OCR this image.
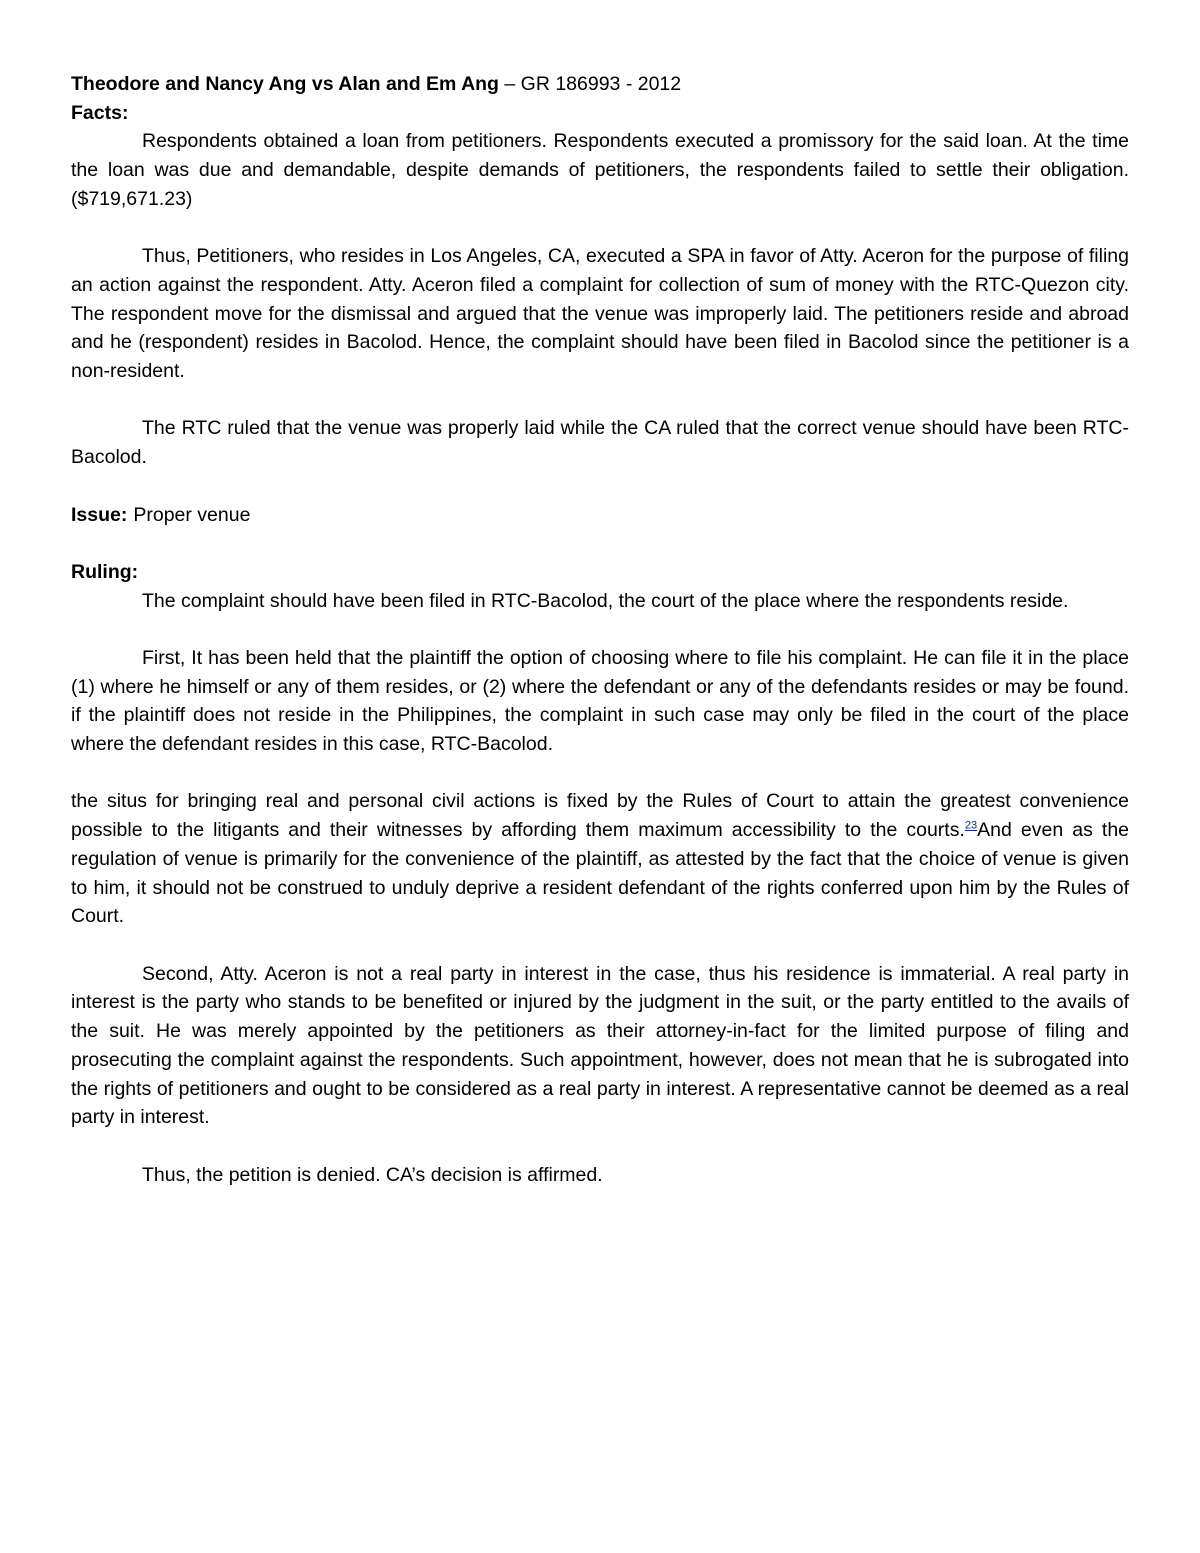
Theodore and Nancy Ang vs Alan and Em Ang – GR 186993 - 2012

Facts:

Respondents obtained a loan from petitioners. Respondents executed a promissory for the said loan. At the time the loan was due and demandable, despite demands of petitioners, the respondents failed to settle their obligation. ($719,671.23)

Thus, Petitioners, who resides in Los Angeles, CA, executed a SPA in favor of Atty. Aceron for the purpose of filing an action against the respondent. Atty. Aceron filed a complaint for collection of sum of money with the RTC-Quezon city. The respondent move for the dismissal and argued that the venue was improperly laid. The petitioners reside and abroad and he (respondent) resides in Bacolod. Hence, the complaint should have been filed in Bacolod since the petitioner is a non-resident.

The RTC ruled that the venue was properly laid while the CA ruled that the correct venue should have been RTC-Bacolod.

Issue: Proper venue

Ruling:

The complaint should have been filed in RTC-Bacolod, the court of the place where the respondents reside.

First, It has been held that the plaintiff the option of choosing where to file his complaint. He can file it in the place (1) where he himself or any of them resides, or (2) where the defendant or any of the defendants resides or may be found. if the plaintiff does not reside in the Philippines, the complaint in such case may only be filed in the court of the place where the defendant resides in this case, RTC-Bacolod.

the situs for bringing real and personal civil actions is fixed by the Rules of Court to attain the greatest convenience possible to the litigants and their witnesses by affording them maximum accessibility to the courts.$^{23}$And even as the regulation of venue is primarily for the convenience of the plaintiff, as attested by the fact that the choice of venue is given to him, it should not be construed to unduly deprive a resident defendant of the rights conferred upon him by the Rules of Court.

Second, Atty. Aceron is not a real party in interest in the case, thus his residence is immaterial. A real party in interest is the party who stands to be benefited or injured by the judgment in the suit, or the party entitled to the avails of the suit. He was merely appointed by the petitioners as their attorney-in-fact for the limited purpose of filing and prosecuting the complaint against the respondents. Such appointment, however, does not mean that he is subrogated into the rights of petitioners and ought to be considered as a real party in interest. A representative cannot be deemed as a real party in interest.

Thus, the petition is denied. CA’s decision is affirmed.
